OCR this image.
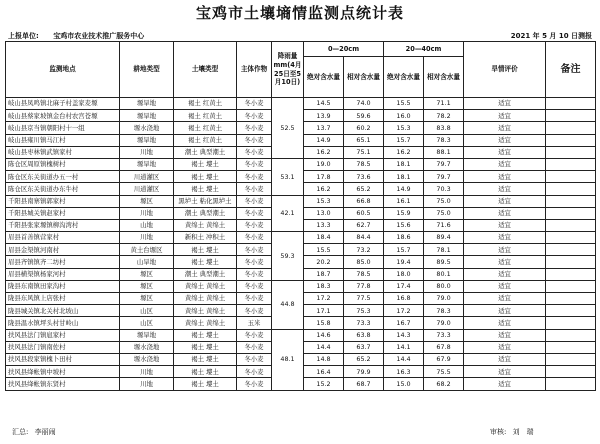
宝鸡市土壤墒情监测点统计表
上报单位: 宝鸡市农业技术推广服务中心	2021 年 5 月 10 日测报
监测地点	耕地类型	土壤类型	主体作物	降雨量mm(4月25日至5月10日)	0—20cm		20—40cm		旱情评价	备注
					绝对含水量	相对含水量	绝对含水量	相对含水量		
岐山县凤鸣镇北麻子村盖家麦塬	塬旱地	褐土 红黄土	冬小麦	52.5	14.5	74.0	15.5	71.1	适宜	
岐山县蔡家坡镇金台村农宫苍塬	塬旱地	褐土 红黄土	冬小麦		13.9	59.6	16.0	78.2	适宜	
岐山县京当镇朝阳村十一组	塬水浇地	褐土 红黄土	冬小麦		13.7	60.2	15.3	83.8	适宜	
岐山县雍川镇马江村	塬旱地	褐土 红黄土	冬小麦		14.9	65.1	15.7	78.3	适宜	
岐山县枣林镇武镇家村	川地	潮土 典型潮土	冬小麦		16.2	75.1	16.2	88.1	适宜	
陈仓区周原镇槐树村	塬旱地	褐土 塿土	冬小麦	53.1	19.0	78.5	18.1	79.7	适宜	
陈仓区东关街道办五一村	川道灌区	褐土 塿土	冬小麦		17.8	73.6	18.1	79.7	适宜	
陈仓区东关街道办东牛村	川道灌区	褐土 塿土	冬小麦		16.2	65.2	14.9	70.3	适宜	
千阳县南寨镇郭家村	塬区	黑垆土 粘化黑垆土	冬小麦	42.1	15.3	66.8	16.1	75.0	适宜	
千阳县城关镇赵家村	川地	潮土 典型潮土	冬小麦		13.0	60.5	15.9	75.0	适宜	
千阳县张家塬镇柳沟湾村	山地	黄绵土 黄绵土	冬小麦		13.3	62.7	15.6	71.6	适宜	
眉县首善镇营家村	川地	新积土 冲积土	冬小麦	59.3	18.4	84.4	18.6	89.4	适宜	
眉县金渠镇河南村	黄土台塬区	褐土 塿土	冬小麦		15.5	73.2	15.7	78.1	适宜	
眉县齐镇镇齐二坊村	山旱地	褐土 塿土	冬小麦		20.2	85.0	19.4	89.5	适宜	
眉县横渠镇杨家河村	塬区	潮土 典型潮土	冬小麦		18.7	78.5	18.0	80.1	适宜	
陇县东南镇田家沟村	塬区	黄绵土 黄绵土	冬小麦	44.8	18.3	77.8	17.4	80.0	适宜	
陇县东风镇上店张村	塬区	黄绵土 黄绵土	冬小麦		17.2	77.5	16.8	79.0	适宜	
陇县城关镇北关村北坡山	山区	黄绵土 黄绵土	冬小麦		17.1	75.3	17.2	78.3	适宜	
陇县温水镇坪头村甘岭山	山区	黄绵土 黄绵土	玉米		15.8	73.3	16.7	79.0	适宜	
扶风县法门镇扈家村	塬旱地	褐土 塿土	冬小麦	48.1	14.6	63.8	14.3	73.3	适宜	
扶风县法门镇南佐村	塬水浇地	褐土 塿土	冬小麦		14.4	63.7	14.1	67.8	适宜	
扶风县段家镇槐卜田村	塬水浇地	褐土 塿土	冬小麦		14.8	65.2	14.4	67.9	适宜	
扶风县绛帐镇中坡村	川地	褐土 塿土	冬小麦		16.4	79.9	16.3	75.5	适宜	
扶风县绛帐镇东贤村	川地	褐土 塿土	冬小麦		15.2	68.7	15.0	68.2	适宜	
汇总: 李丽闹	审核: 刘　瑞
